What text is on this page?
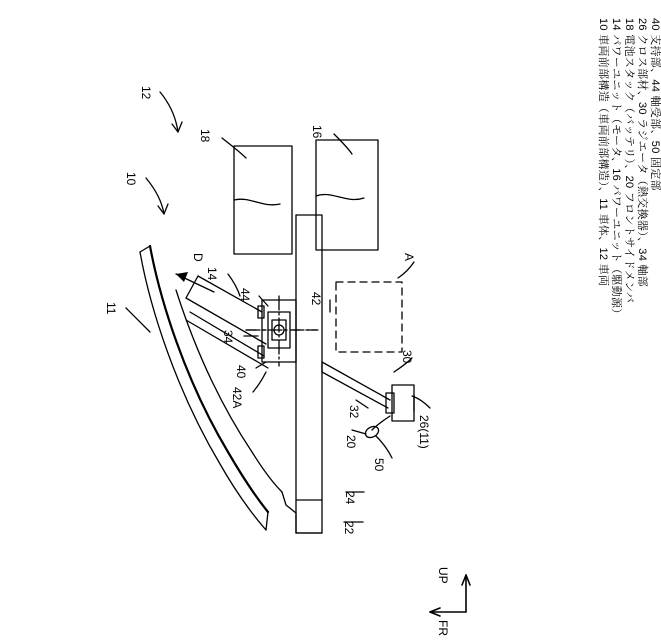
12
10
18	16
D
14
44	42
A
11
34
30
40
42A
32
26(11)
20
50
24
22
UP
FR
10 車両前部構造（車両前部構造）、11 車体、12 車両 14 パワーユニット（モータ、16 パワーユニット（駆動源） 18 電池スタック（バッテリ）、20 フロントサイドメンバ 26 クロス部材、30 ラジエータ（熱交換器）、34 軸部 40 支持部、44 軸受部、50 固定部
